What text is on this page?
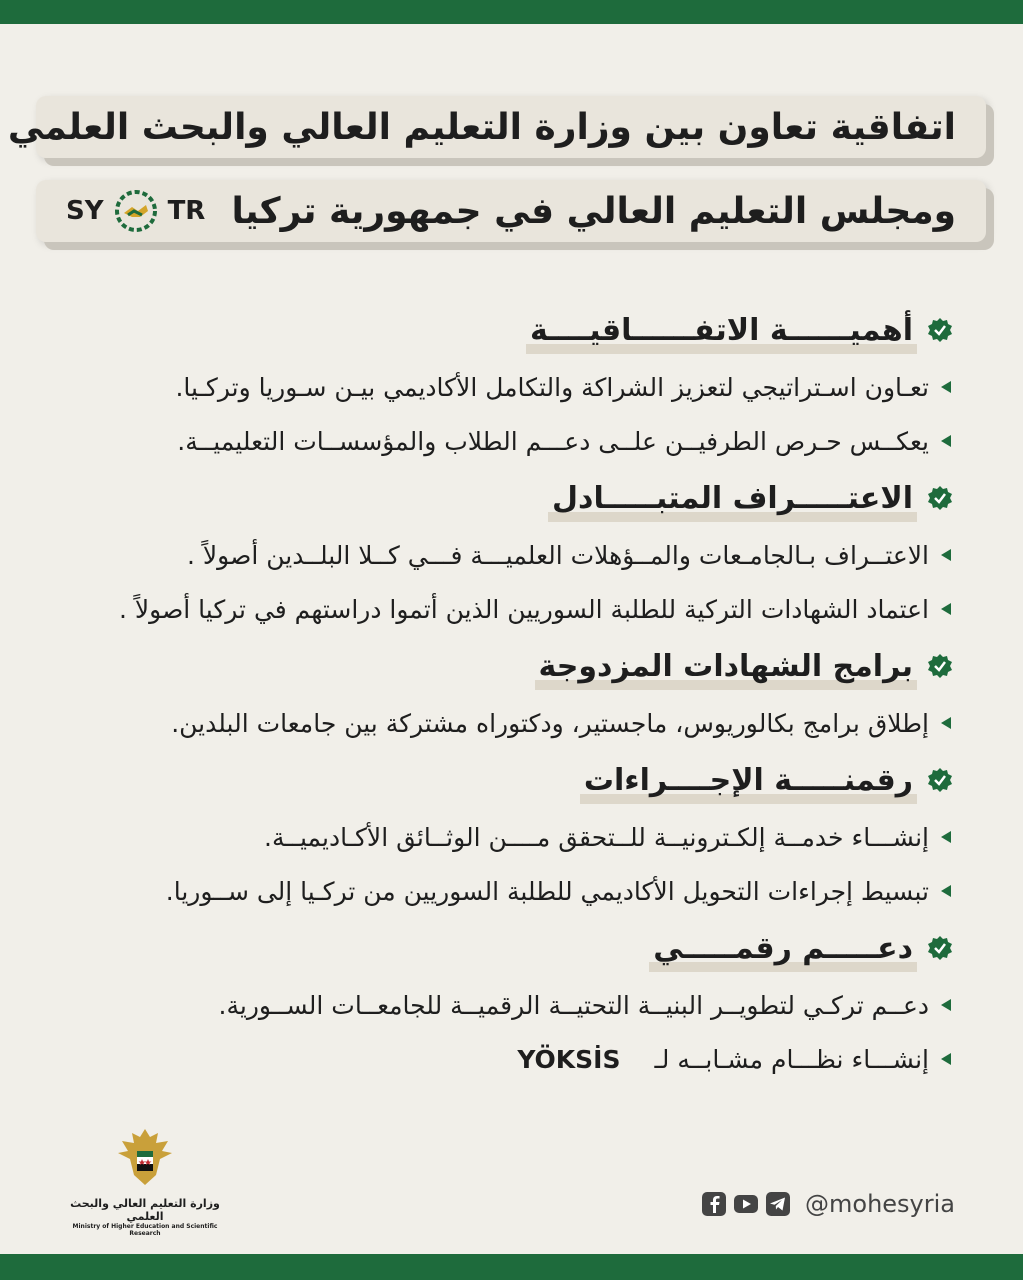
اتفاقية تعاون بين وزارة التعليم العالي والبحث العلمي
ومجلس التعليم العالي في جمهورية تركيا
SY TR
أهميــــــة الاتفــــــاقيــــة
تعـاون اسـتراتيجي لتعزيز الشراكة والتكامل الأكاديمي بيـن سـوريا وتركـيا.
يعكــس حـرص الطرفيــن علــى دعـــم الطلاب والمؤسســات التعليميــة.
الاعتـــــراف المتبـــــادل
الاعتــراف بـالجامـعات والمــؤهلات العلميـــة فـــي كــلا البلــدين أصولاً .
اعتماد الشهادات التركية للطلبة السوريين الذين أتموا دراستهم في تركيا أصولاً .
برامج الشهادات المزدوجة
إطلاق برامج بكالوريوس، ماجستير، ودكتوراه مشتركة بين جامعات البلدين.
رقمنـــــة الإجــــراءات
إنشـــاء خدمــة إلكـترونيــة للــتحقق مــــن الوثــائق الأكـاديميــة.
تبسيط إجراءات التحويل الأكاديمي للطلبة السوريين من تركـيا إلى ســوريا.
دعـــــم رقمـــــي
دعــم تركـي لتطويــر البنيــة التحتيــة الرقميــة للجامعــات الســورية.
إنشـــاء نظـــام مشـابــه لـ
YÖKSİS
وزارة التعليم العالي والبحث العلمي
Ministry of Higher Education and Scientific Research
@mohesyria
